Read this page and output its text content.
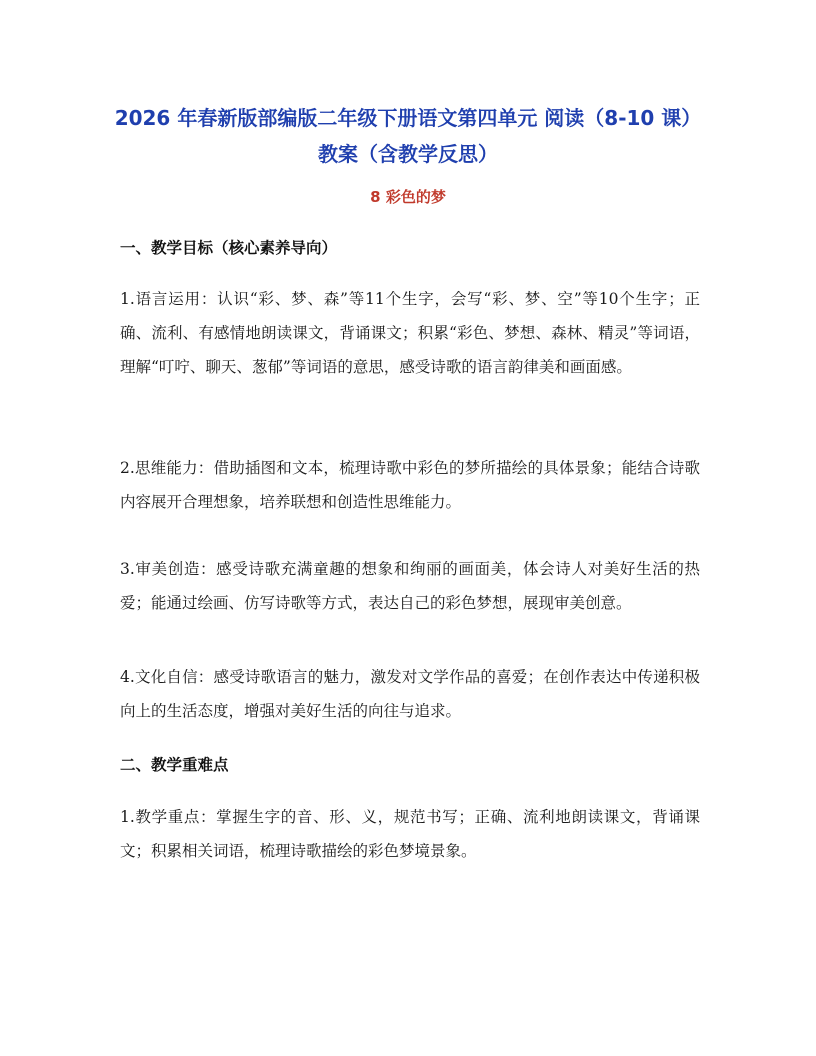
2026 年春新版部编版二年级下册语文第四单元 阅读（8-10 课） 教案（含教学反思）
8 彩色的梦
一、教学目标（核心素养导向）

1.语言运用：认识“彩、梦、森”等11个生字，会写“彩、梦、空”等10个生字；正确、流利、有感情地朗读课文，背诵课文；积累“彩色、梦想、森林、精灵”等词语，理解“叮咛、聊天、葱郁”等词语的意思，感受诗歌的语言韵律美和画面感。

2.思维能力：借助插图和文本，梳理诗歌中彩色的梦所描绘的具体景象；能结合诗歌内容展开合理想象，培养联想和创造性思维能力。

3.审美创造：感受诗歌充满童趣的想象和绚丽的画面美，体会诗人对美好生活的热爱；能通过绘画、仿写诗歌等方式，表达自己的彩色梦想，展现审美创意。

4.文化自信：感受诗歌语言的魅力，激发对文学作品的喜爱；在创作表达中传递积极向上的生活态度，增强对美好生活的向往与追求。

二、教学重难点

1.教学重点：掌握生字的音、形、义，规范书写；正确、流利地朗读课文，背诵课文；积累相关词语，梳理诗歌描绘的彩色梦境景象。
